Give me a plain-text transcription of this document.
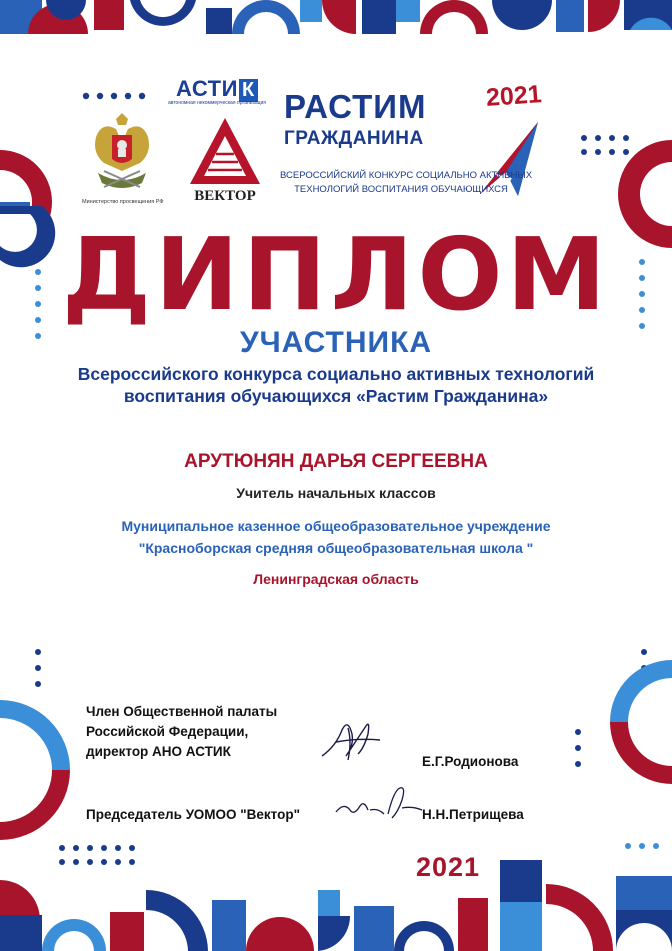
АСТИ К
автономная некоммерческая организация
Министерство просвещения РФ	ВЕКТОР
РАСТИМ 2021
ГРАЖДАНИНА
ВСЕРОССИЙСКИЙ КОНКУРС СОЦИАЛЬНО АКТИВНЫХ
ТЕХНОЛОГИЙ ВОСПИТАНИЯ ОБУЧАЮЩИХСЯ
ДИПЛОМ
УЧАСТНИКА
Всероссийского конкурса социально активных технологий
воспитания обучающихся «Растим Гражданина»
АРУТЮНЯН ДАРЬЯ СЕРГЕЕВНА
Учитель начальных классов
Муниципальное казенное общеобразовательное учреждение
"Красноборская средняя общеобразовательная школа "
Ленинградская область
Член Общественной палаты
Российской Федерации,
директор АНО АСТИК
Е.Г.Родионова
Председатель УОМОО "Вектор"	Н.Н.Петрищева
2021
